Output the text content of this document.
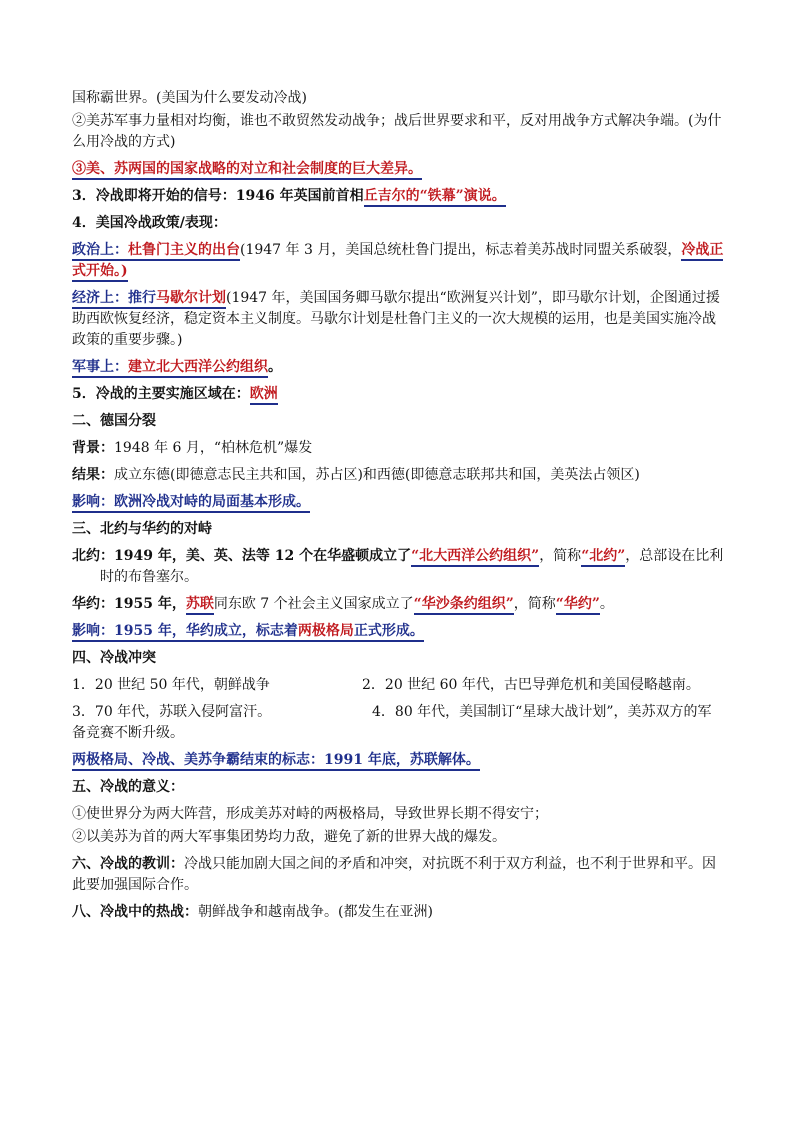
国称霸世界。(美国为什么要发动冷战)

②美苏军事力量相对均衡，谁也不敢贸然发动战争；战后世界要求和平，反对用战争方式解决争端。(为什么用冷战的方式)

③美、苏两国的国家战略的对立和社会制度的巨大差异。

3．冷战即将开始的信号：1946 年英国前首相丘吉尔的“铁幕”演说。

4．美国冷战政策/表现：

政治上：杜鲁门主义的出台(1947 年 3 月，美国总统杜鲁门提出，标志着美苏战时同盟关系破裂，冷战正式开始。)

经济上：推行马歇尔计划(1947 年，美国国务卿马歇尔提出“欧洲复兴计划”，即马歇尔计划，企图通过援助西欧恢复经济，稳定资本主义制度。马歇尔计划是杜鲁门主义的一次大规模的运用，也是美国实施冷战政策的重要步骤。)

军事上：建立北大西洋公约组织。

5．冷战的主要实施区域在：欧洲

二、德国分裂

背景：1948 年 6 月，“柏林危机”爆发

结果：成立东德(即德意志民主共和国，苏占区)和西德(即德意志联邦共和国，美英法占领区)

影响：欧洲冷战对峙的局面基本形成。

三、北约与华约的对峙

北约：1949 年，美、英、法等 12 个在华盛顿成立了“北大西洋公约组织”，简称“北约”，总部设在比利时的布鲁塞尔。

华约：1955 年，苏联同东欧 7 个社会主义国家成立了“华沙条约组织”，简称“华约”。

影响：1955 年，华约成立，标志着两极格局正式形成。

四、冷战冲突

1．20 世纪 50 年代，朝鲜战争	2．20 世纪 60 年代，古巴导弹危机和美国侵略越南。

3．70 年代，苏联入侵阿富汗。	4．80 年代，美国制订“星球大战计划”，美苏双方的军备竞赛不断升级。

两极格局、冷战、美苏争霸结束的标志：1991 年底，苏联解体。

五、冷战的意义：

①使世界分为两大阵营，形成美苏对峙的两极格局，导致世界长期不得安宁；

②以美苏为首的两大军事集团势均力敌，避免了新的世界大战的爆发。

六、冷战的教训：冷战只能加剧大国之间的矛盾和冲突，对抗既不利于双方利益，也不利于世界和平。因此要加强国际合作。

八、冷战中的热战：朝鲜战争和越南战争。(都发生在亚洲)
